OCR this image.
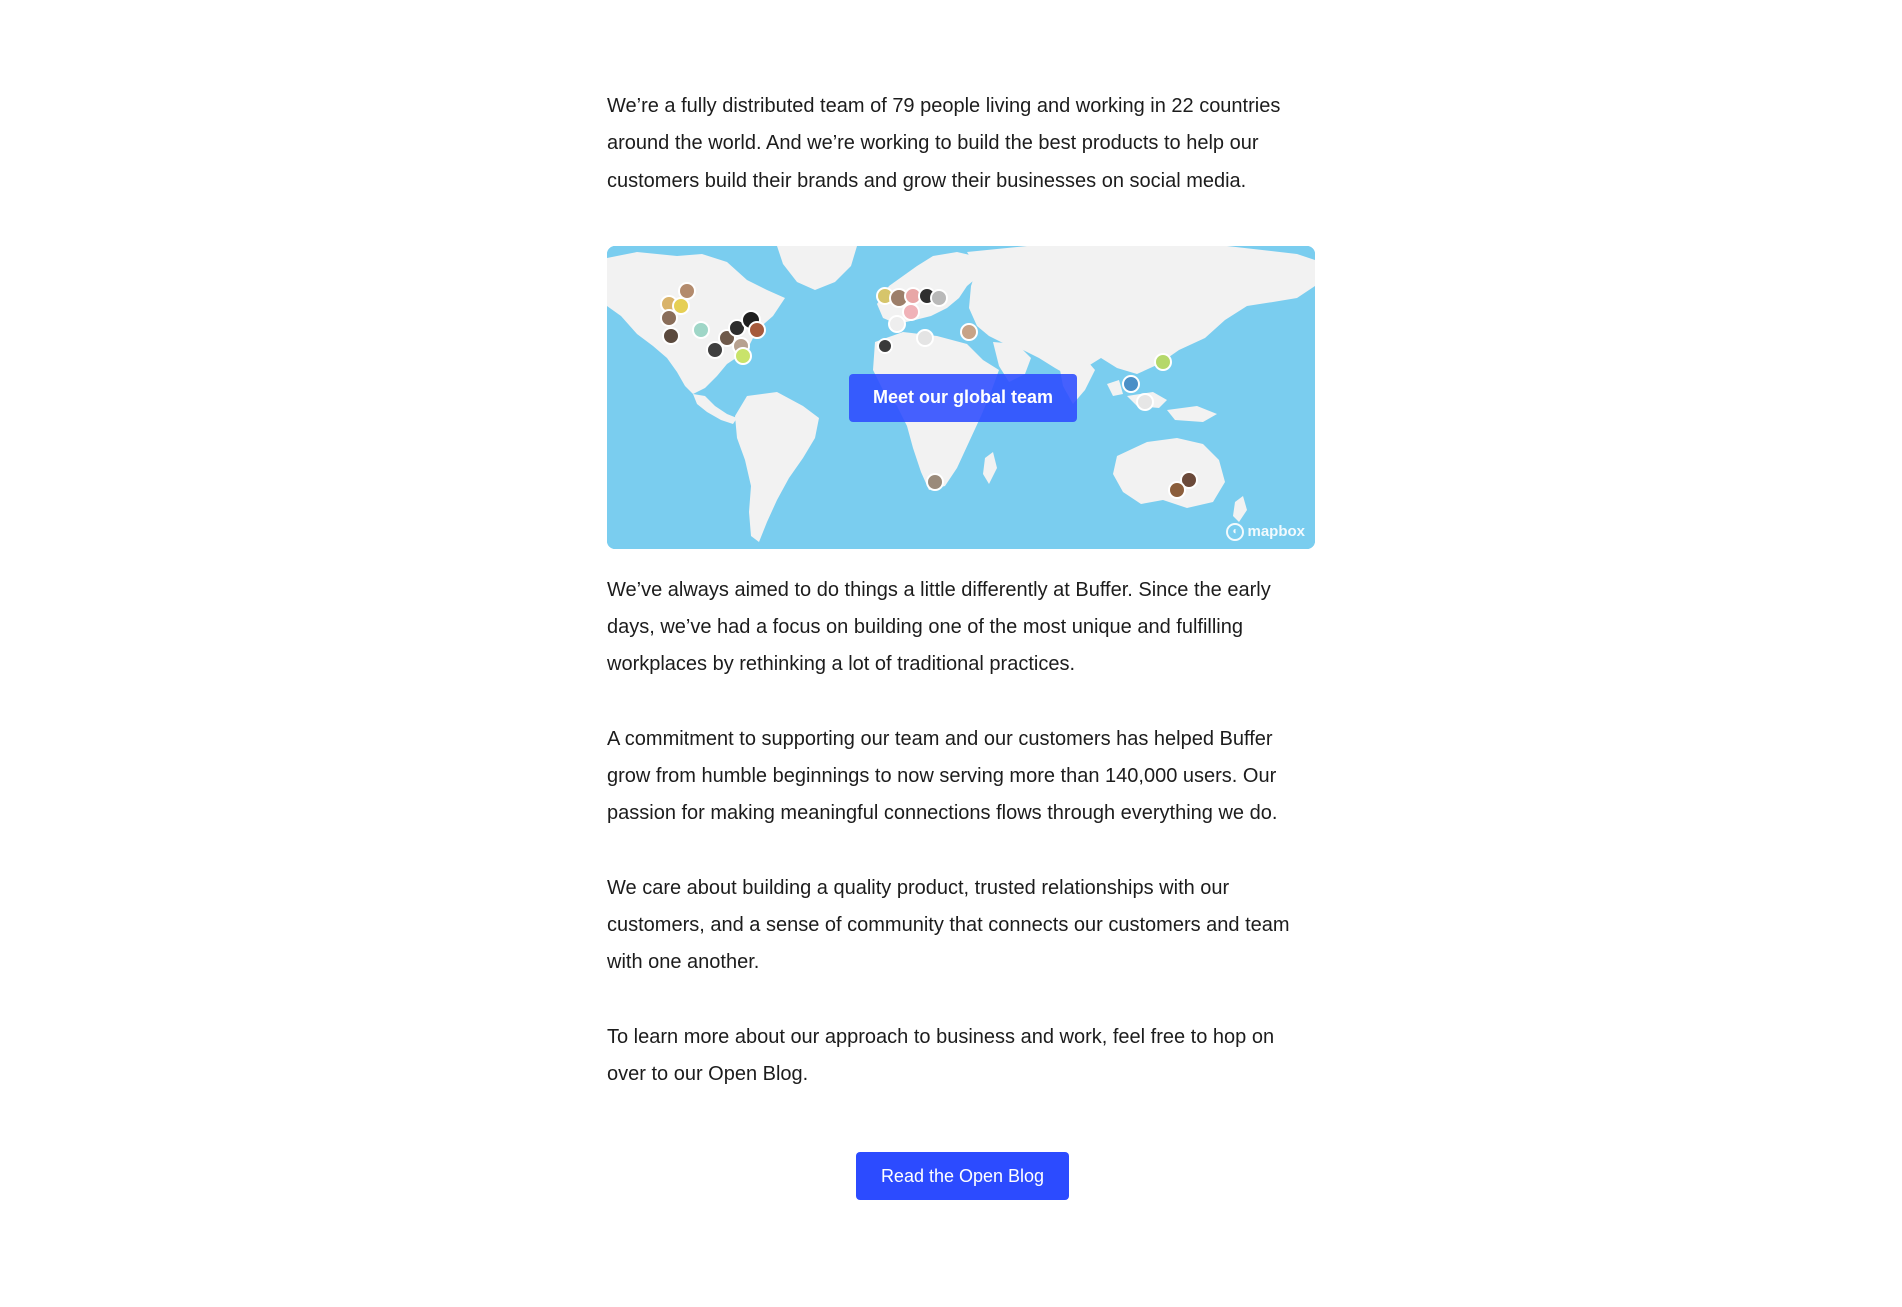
We’re a fully distributed team of 79 people living and working in 22 countries around the world. And we’re working to build the best products to help our customers build their brands and grow their businesses on social media.

Meet our global team
◐ mapbox

We’ve always aimed to do things a little differently at Buffer. Since the early days, we’ve had a focus on building one of the most unique and fulfilling workplaces by rethinking a lot of traditional practices.

A commitment to supporting our team and our customers has helped Buffer grow from humble beginnings to now serving more than 140,000 users. Our passion for making meaningful connections flows through everything we do.

We care about building a quality product, trusted relationships with our customers, and a sense of community that connects our customers and team with one another.

To learn more about our approach to business and work, feel free to hop on over to our Open Blog.

Read the Open Blog
